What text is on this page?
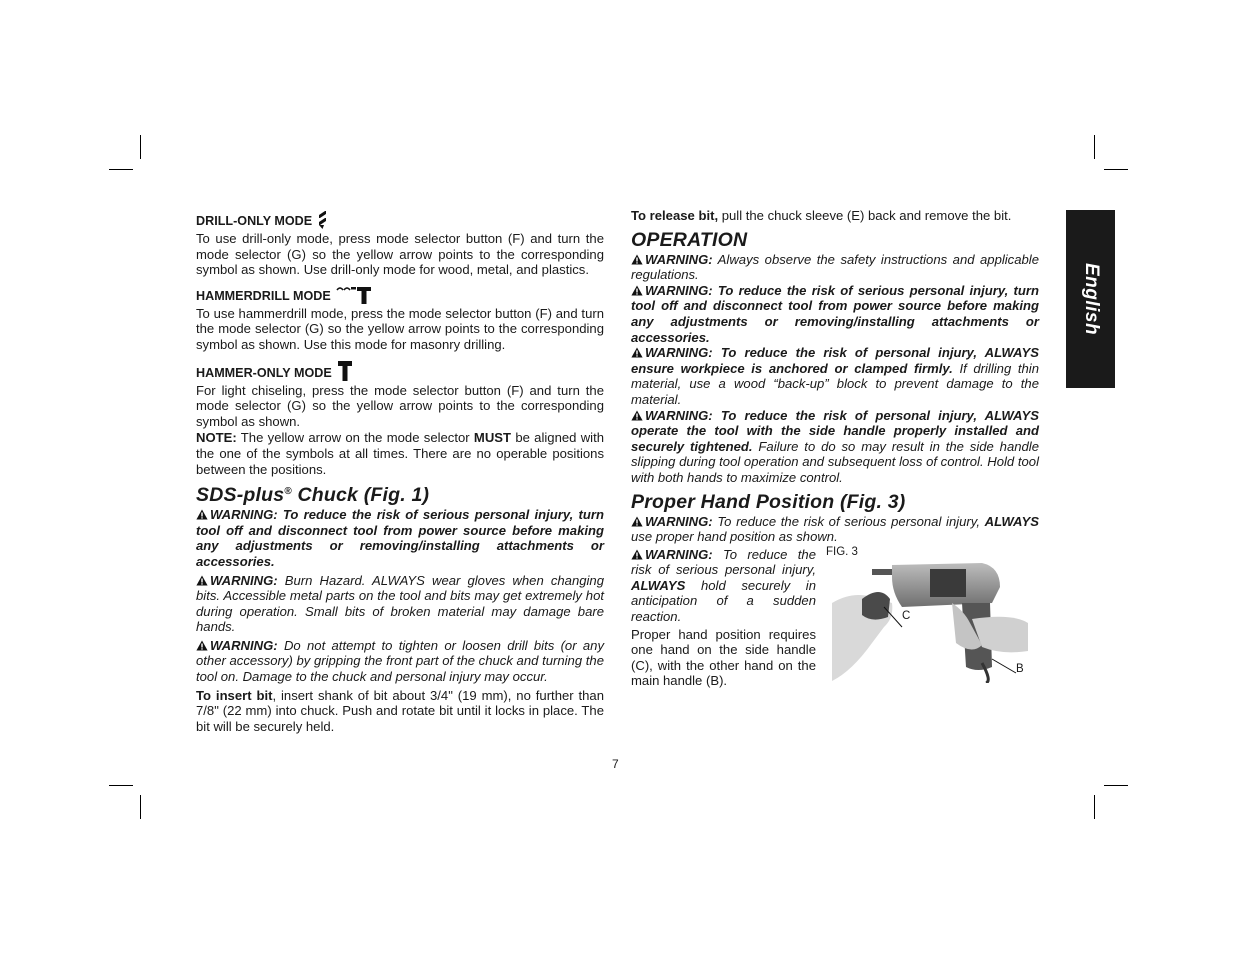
DRILL-ONLY MODE

To use drill-only mode, press mode selector button (F) and turn the mode selector (G) so the yellow arrow points to the corresponding symbol as shown. Use drill-only mode for wood, metal, and plastics.

HAMMERDRILL MODE

To use hammerdrill mode, press the mode selector button (F) and turn the mode selector (G) so the yellow arrow points to the corresponding symbol as shown. Use this mode for masonry drilling.

HAMMER-ONLY MODE

For light chiseling, press the mode selector button (F) and turn the mode selector (G) so the yellow arrow points to the corresponding symbol as shown.

NOTE: The yellow arrow on the mode selector MUST be aligned with the one of the symbols at all times. There are no operable positions between the positions.

SDS-plus® Chuck (Fig. 1)

WARNING: To reduce the risk of serious personal injury, turn tool off and disconnect tool from power source before making any adjustments or removing/installing attachments or accessories.

WARNING: Burn Hazard. ALWAYS wear gloves when changing bits. Accessible metal parts on the tool and bits may get extremely hot during operation. Small bits of broken material may damage bare hands.

WARNING: Do not attempt to tighten or loosen drill bits (or any other accessory) by gripping the front part of the chuck and turning the tool on. Damage to the chuck and personal injury may occur.

To insert bit, insert shank of bit about 3/4" (19 mm), no further than 7/8" (22 mm) into chuck. Push and rotate bit until it locks in place. The bit will be securely held.

To release bit, pull the chuck sleeve (E) back and remove the bit.

OPERATION

WARNING: Always observe the safety instructions and applicable regulations.

WARNING: To reduce the risk of serious personal injury, turn tool off and disconnect tool from power source before making any adjustments or removing/installing attachments or accessories.

WARNING: To reduce the risk of personal injury, ALWAYS ensure workpiece is anchored or clamped firmly. If drilling thin material, use a wood “back-up” block to prevent damage to the material.

WARNING: To reduce the risk of personal injury, ALWAYS operate the tool with the side handle properly installed and securely tightened. Failure to do so may result in the side handle slipping during tool operation and subsequent loss of control. Hold tool with both hands to maximize control.

Proper Hand Position (Fig. 3)

WARNING: To reduce the risk of serious personal injury, ALWAYS use proper hand position as shown.

WARNING: To reduce the risk of serious personal injury, ALWAYS hold securely in anticipation of a sudden reaction.

Proper hand position requires one hand on the side handle (C), with the other hand on the main handle (B).

FIG. 3
C
B
English
7
